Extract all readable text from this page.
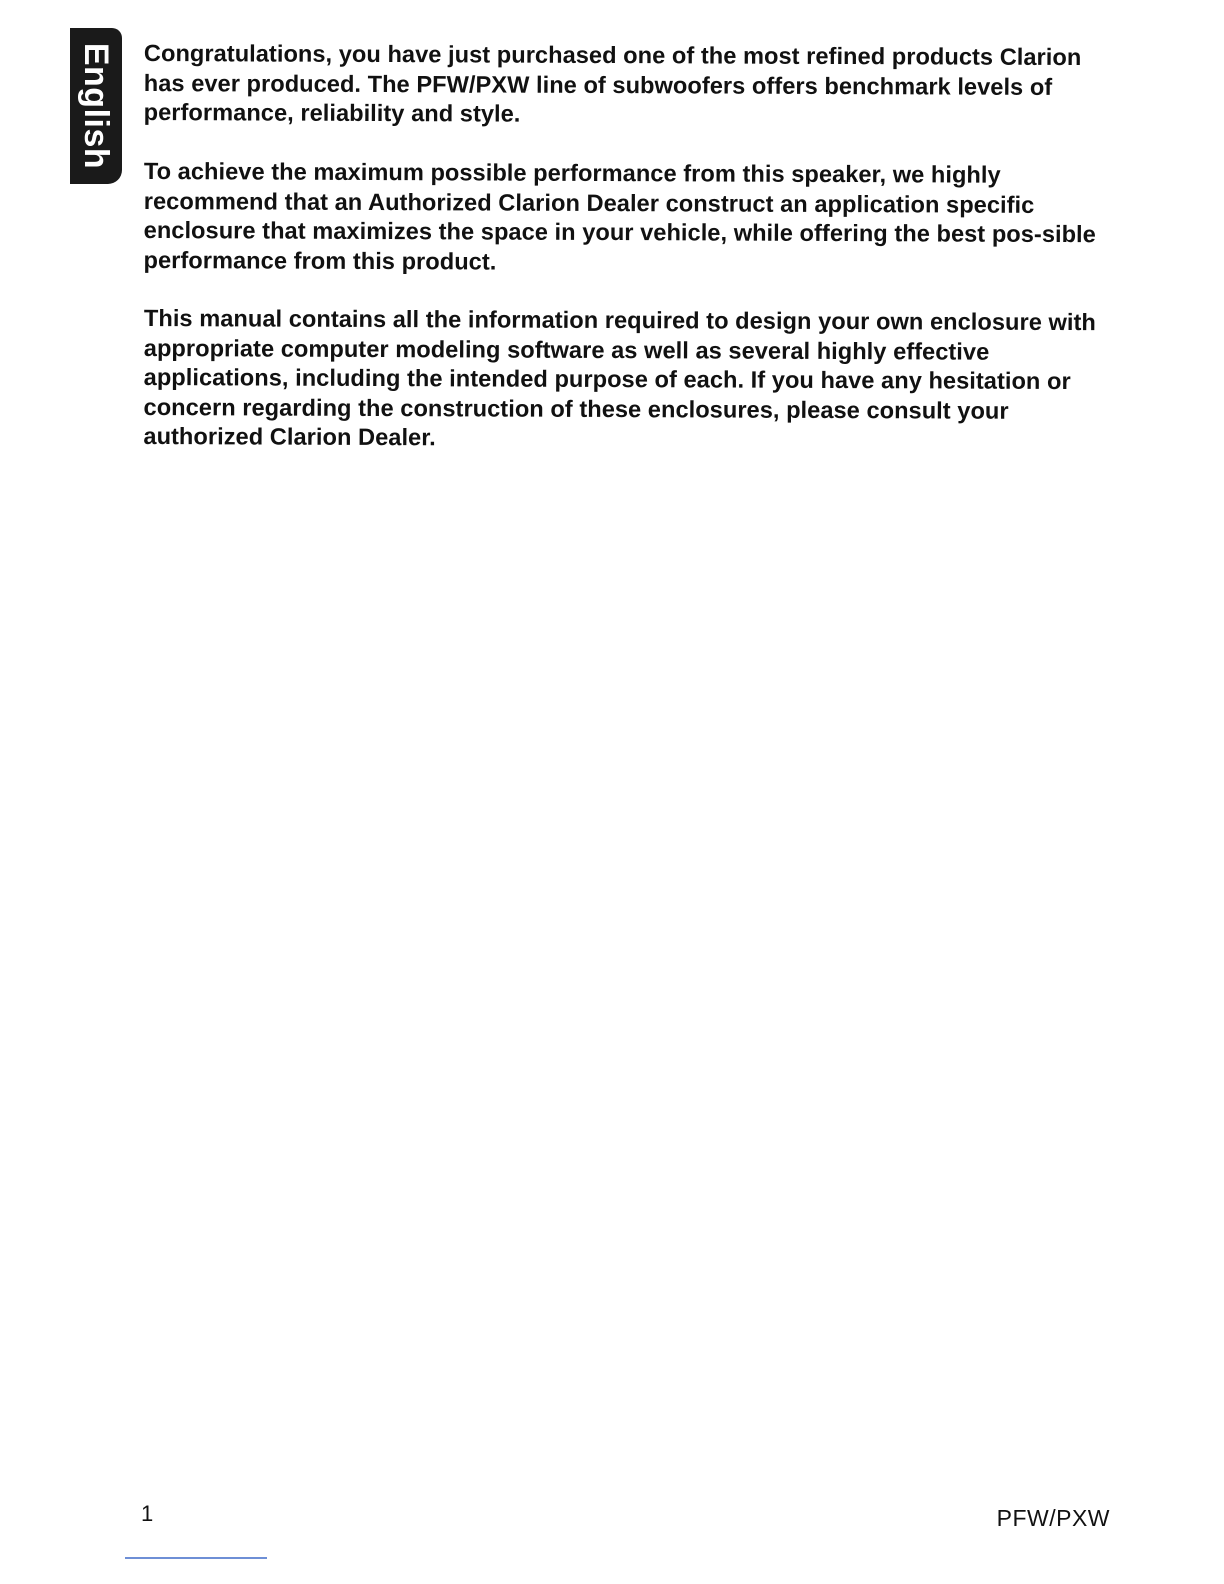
English Congratulations, you have just purchased one of the most refined products Clarion has ever produced. The PFW/PXW line of subwoofers offers benchmark levels of performance, reliability and style.

To achieve the maximum possible performance from this speaker, we highly recommend that an Authorized Clarion Dealer construct an application specific enclosure that maximizes the space in your vehicle, while offering the best pos-sible performance from this product.

This manual contains all the information required to design your own enclosure with appropriate computer modeling software as well as several highly effective applications, including the intended purpose of each. If you have any hesitation or concern regarding the construction of these enclosures, please consult your authorized Clarion Dealer.

1	PFW/PXW
